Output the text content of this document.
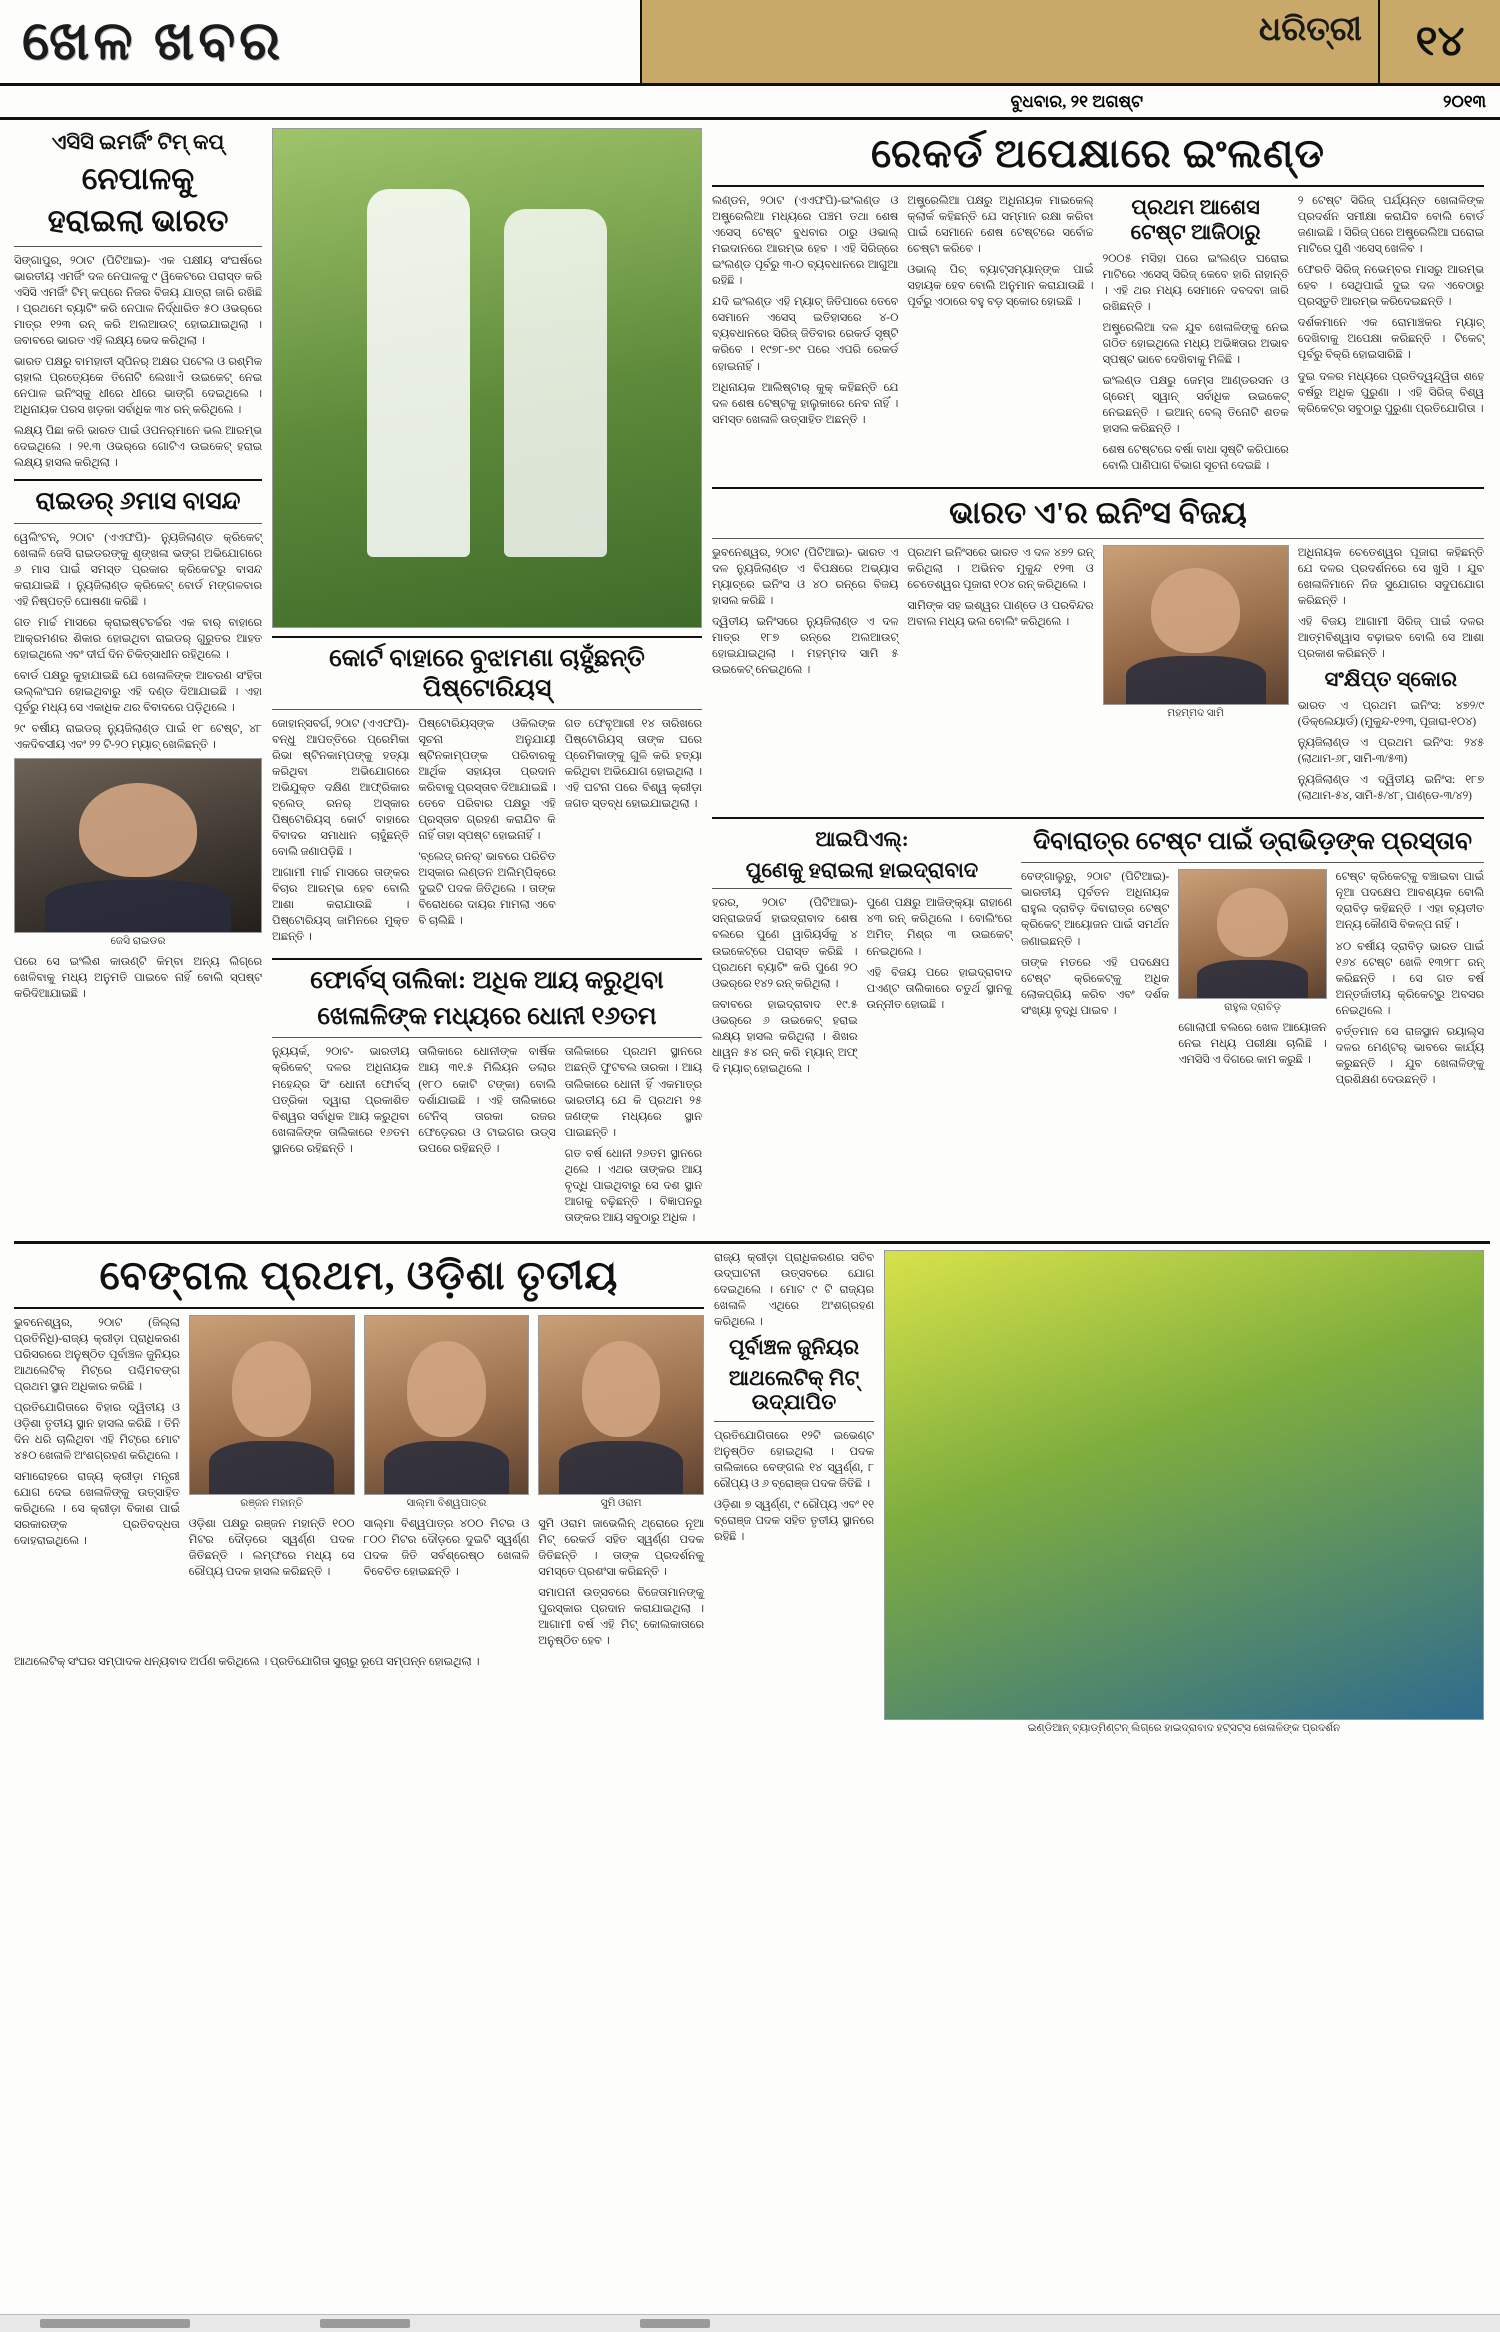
ଖେଳ ଖବର	ଧରିତ୍ରୀ	୧୪
ବୁଧବାର, ୨୧ ଅଗଷ୍ଟ	୨୦୧୩
ଏସିସି ଇମର୍ଜିଂ ଟିମ୍ କପ୍
ନେପାଳକୁ
ହରାଇଲା ଭାରତ

ସିଙ୍ଗାପୁର, ୨୦ାଟ (ପିଟିଆଇ)- ଏକ ପକ୍ଷୀୟ ସଂଘର୍ଷରେ ଭାରତୀୟ ଏମର୍ଜିଂ ଦଳ ନେପାଳକୁ ୯ ୱିକେଟରେ ପରାସ୍ତ କରି ଏସିସି ଏମର୍ଜିଂ ଟିମ୍ କପ୍‌ରେ ନିଜର ବିଜୟ ଯାତ୍ରା ଜାରି ରଖିଛି । ପ୍ରଥମେ ବ୍ୟାଟିଂ କରି ନେପାଳ ନିର୍ଦ୍ଧାରିତ ୫୦ ଓଭର୍‌ରେ ମାତ୍ର ୧୨୩ ରନ୍ କରି ଅଲଆଉଟ୍ ହୋଇଯାଇଥିଲା । ଜବାବରେ ଭାରତ ଏହି ଲକ୍ଷ୍ୟ ଭେଦ କରିଥିଲା ।

ଭାରତ ପକ୍ଷରୁ ବାମହାତୀ ସ୍ପିନର୍ ଅକ୍ଷର ପଟେଲ ଓ ରଶ୍ମିକ ଚାହାଲ ପ୍ରତ୍ୟେକେ ତିନୋଟି ଲେଖାଏଁ ଉଇକେଟ୍ ନେଇ ନେପାଳ ଇନିଂସ୍‌କୁ ଧୀରେ ଧୀରେ ଭାଙ୍ଗି ଦେଇଥିଲେ । ଅଧିନାୟକ ପରସ ଖଡ଼କା ସର୍ବାଧିକ ୩୪ ରନ୍ କରିଥିଲେ ।

ଲକ୍ଷ୍ୟ ପିଛା କରି ଭାରତ ପାଇଁ ଓପନର୍‌ମାନେ ଭଲ ଆରମ୍ଭ ଦେଇଥିଲେ । ୨୧.୩ ଓଭର୍‌ରେ ଗୋଟିଏ ଉଇକେଟ୍ ହରାଇ ଲକ୍ଷ୍ୟ ହାସଲ କରିଥିଲା ।

ରାଇଡର୍ ୬ମାସ ବାସନ୍ଦ

ୱେଲିଂଟନ୍, ୨୦ାଟ (ଏଏଫପି)- ନ୍ୟୁଜିଲାଣ୍ଡ କ୍ରିକେଟ୍ ଖେଳାଳି ଜେସି ରାଇଡରଙ୍କୁ ଶୃଙ୍ଖଳା ଭଙ୍ଗ ଅଭିଯୋଗରେ ୬ ମାସ ପାଇଁ ସମସ୍ତ ପ୍ରକାର କ୍ରିକେଟରୁ ବାସନ୍ଦ କରାଯାଇଛି । ନ୍ୟୁଜିଲାଣ୍ଡ କ୍ରିକେଟ୍ ବୋର୍ଡ ମଙ୍ଗଳବାର ଏହି ନିଷ୍ପତ୍ତି ଘୋଷଣା କରିଛି ।

ଗତ ମାର୍ଚ୍ଚ ମାସରେ କ୍ରାଇଷ୍ଟଚର୍ଚ୍ଚର ଏକ ବାର୍ ବାହାରେ ଆକ୍ରମଣର ଶିକାର ହୋଇଥିବା ରାଇଡର୍ ଗୁରୁତର ଆହତ ହୋଇଥିଲେ ଏବଂ ଦୀର୍ଘ ଦିନ ଚିକିତ୍ସାଧୀନ ରହିଥିଲେ ।

ବୋର୍ଡ ପକ୍ଷରୁ କୁହାଯାଇଛି ଯେ ଖେଳାଳିଙ୍କ ଆଚରଣ ସଂହିତା ଉଲ୍ଲଂଘନ ହୋଇଥିବାରୁ ଏହି ଦଣ୍ଡ ଦିଆଯାଇଛି । ଏହା ପୂର୍ବରୁ ମଧ୍ୟ ସେ ଏକାଧିକ ଥର ବିବାଦରେ ପଡ଼ିଥିଲେ ।

୨୯ ବର୍ଷୀୟ ରାଇଡର୍ ନ୍ୟୁଜିଲାଣ୍ଡ ପାଇଁ ୧୮ ଟେଷ୍ଟ, ୪୮ ଏକଦିବସୀୟ ଏବଂ ୨୨ ଟି-୨୦ ମ୍ୟାଚ୍ ଖେଳିଛନ୍ତି ।

ଜେସି ରାଇଡର

ପରେ ସେ ଇଂଲିଶ କାଉଣ୍ଟି କିମ୍ବା ଅନ୍ୟ ଲିଗ୍‌ରେ ଖେଳିବାକୁ ମଧ୍ୟ ଅନୁମତି ପାଇବେ ନାହିଁ ବୋଲି ସ୍ପଷ୍ଟ କରିଦିଆଯାଇଛି ।

କୋର୍ଟ ବାହାରେ ବୁଝାମଣା ଚାହୁଁଛନ୍ତି ପିଷ୍ଟୋରିୟସ୍

ଜୋହାନ୍ସବର୍ଗ, ୨୦ାଟ (ଏଏଫପି)- ବନ୍ଧୁ ଆପତ୍ତିରେ ପ୍ରେମିକା ରିଭା ଷ୍ଟିନକାମ୍ପଙ୍କୁ ହତ୍ୟା କରିଥିବା ଅଭିଯୋଗରେ ଅଭିଯୁକ୍ତ ଦକ୍ଷିଣ ଆଫ୍ରିକାର ବ୍ଲେଡ୍ ରନର୍ ଅସ୍କାର ପିଷ୍ଟୋରିୟସ୍ କୋର୍ଟ ବାହାରେ ବିବାଦର ସମାଧାନ ଚାହୁଁଛନ୍ତି ବୋଲି ଜଣାପଡ଼ିଛି ।

ଆଗାମୀ ମାର୍ଚ୍ଚ ମାସରେ ତାଙ୍କର ବିଚାର ଆରମ୍ଭ ହେବ ବୋଲି ଆଶା କରାଯାଉଛି । ପିଷ୍ଟୋରିୟସ୍ ଜାମିନରେ ମୁକ୍ତ ଅଛନ୍ତି ।

ପିଷ୍ଟୋରିୟସ୍ଙ୍କ ଓକିଲଙ୍କ ସୂଚନା ଅନୁଯାୟୀ ଷ୍ଟିନକାମ୍ପଙ୍କ ପରିବାରକୁ ଆର୍ଥିକ ସହାୟତା ପ୍ରଦାନ କରିବାକୁ ପ୍ରସ୍ତାବ ଦିଆଯାଇଛି । ତେବେ ପରିବାର ପକ୍ଷରୁ ଏହି ପ୍ରସ୍ତାବ ଗ୍ରହଣ କରାଯିବ କି ନାହିଁ ତାହା ସ୍ପଷ୍ଟ ହୋଇନାହିଁ ।

'ବ୍ଲେଡ୍ ରନର୍' ଭାବରେ ପରିଚିତ ଅସ୍କାର ଲଣ୍ଡନ ଅଲିମ୍ପିକ୍‌ରେ ଦୁଇଟି ପଦକ ଜିତିଥିଲେ । ତାଙ୍କ ବିରୋଧରେ ଦାୟର ମାମଲା ଏବେ ବି ଚାଲିଛି ।

ଗତ ଫେବୃଆରୀ ୧୪ ତାରିଖରେ ପିଷ୍ଟୋରିୟସ୍ ତାଙ୍କ ଘରେ ପ୍ରେମିକାଙ୍କୁ ଗୁଳି କରି ହତ୍ୟା କରିଥିବା ଅଭିଯୋଗ ହୋଇଥିଲା । ଏହି ଘଟନା ପରେ ବିଶ୍ୱ କ୍ରୀଡ଼ା ଜଗତ ସ୍ତବ୍ଧ ହୋଇଯାଇଥିଲା ।

ଫୋର୍ବସ୍ ତାଲିକା: ଅଧିକ ଆୟ କରୁଥିବା
ଖେଳାଳିଙ୍କ ମଧ୍ୟରେ ଧୋନୀ ୧୬ତମ

ନ୍ୟୁୟର୍କ, ୨୦ାଟ- ଭାରତୀୟ କ୍ରିକେଟ୍ ଦଳର ଅଧିନାୟକ ମହେନ୍ଦ୍ର ସିଂ ଧୋନୀ ଫୋର୍ବସ୍ ପତ୍ରିକା ଦ୍ୱାରା ପ୍ରକାଶିତ ବିଶ୍ୱର ସର୍ବାଧିକ ଆୟ କରୁଥିବା ଖେଳାଳିଙ୍କ ତାଲିକାରେ ୧୬ତମ ସ୍ଥାନରେ ରହିଛନ୍ତି ।

ତାଲିକାରେ ଧୋନୀଙ୍କ ବାର୍ଷିକ ଆୟ ୩୧.୫ ମିଲିୟନ ଡଲାର (୧୮୦ କୋଟି ଟଙ୍କା) ବୋଲି ଦର୍ଶାଯାଇଛି । ଏହି ତାଲିକାରେ ଟେନିସ୍ ତାରକା ରଜର ଫେଡ଼େରର ଓ ଟାଇଗର ଉଡ୍ସ ଉପରେ ରହିଛନ୍ତି ।

ତାଲିକାରେ ପ୍ରଥମ ସ୍ଥାନରେ ଅଛନ୍ତି ଫୁଟବଲ ତାରକା । ଆୟ ତାଲିକାରେ ଧୋନୀ ହିଁ ଏକମାତ୍ର ଭାରତୀୟ ଯେ କି ପ୍ରଥମ ୨୫ ଜଣଙ୍କ ମଧ୍ୟରେ ସ୍ଥାନ ପାଇଛନ୍ତି ।

ଗତ ବର୍ଷ ଧୋନୀ ୨୬ତମ ସ୍ଥାନରେ ଥିଲେ । ଏଥର ତାଙ୍କର ଆୟ ବୃଦ୍ଧି ପାଇଥିବାରୁ ସେ ଦଶ ସ୍ଥାନ ଆଗକୁ ବଢ଼ିଛନ୍ତି । ବିଜ୍ଞାପନରୁ ତାଙ୍କର ଆୟ ସବୁଠାରୁ ଅଧିକ ।

ରେକର୍ଡ ଅପେକ୍ଷାରେ ଇଂଲଣ୍ଡ

ଲଣ୍ଡନ, ୨୦ାଟ (ଏଏଫପି)-ଇଂଲଣ୍ଡ ଓ ଅଷ୍ଟ୍ରେଲିଆ ମଧ୍ୟରେ ପଞ୍ଚମ ତଥା ଶେଷ ଏସେସ୍ ଟେଷ୍ଟ ବୁଧବାର ଠାରୁ ଓଭାଲ୍ ମଇଦାନରେ ଆରମ୍ଭ ହେବ । ଏହି ସିରିଜ୍‌ରେ ଇଂଲଣ୍ଡ ପୂର୍ବରୁ ୩-୦ ବ୍ୟବଧାନରେ ଆଗୁଆ ରହିଛି ।

ଯଦି ଇଂଲଣ୍ଡ ଏହି ମ୍ୟାଚ୍ ଜିତିପାରେ ତେବେ ସେମାନେ ଏସେସ୍ ଇତିହାସରେ ୪-୦ ବ୍ୟବଧାନରେ ସିରିଜ୍ ଜିତିବାର ରେକର୍ଡ ସୃଷ୍ଟି କରିବେ । ୧୯୭୮-୭୯ ପରେ ଏପରି ରେକର୍ଡ ହୋଇନାହିଁ ।

ଅଧିନାୟକ ଆଲିଷ୍ଟାର୍ କୁକ୍ କହିଛନ୍ତି ଯେ ଦଳ ଶେଷ ଟେଷ୍ଟକୁ ହାଲୁକାରେ ନେବ ନାହିଁ । ସମସ୍ତ ଖେଳାଳି ଉତ୍ସାହିତ ଅଛନ୍ତି ।

ଅଷ୍ଟ୍ରେଲିଆ ପକ୍ଷରୁ ଅଧିନାୟକ ମାଇକେଲ୍ କ୍ଲାର୍କ କହିଛନ୍ତି ଯେ ସମ୍ମାନ ରକ୍ଷା କରିବା ପାଇଁ ସେମାନେ ଶେଷ ଟେଷ୍ଟରେ ସର୍ବୋଚ୍ଚ ଚେଷ୍ଟା କରିବେ ।

ଓଭାଲ୍ ପିଚ୍ ବ୍ୟାଟ୍‌ସମ୍ୟାନ୍‌ଙ୍କ ପାଇଁ ସହାୟକ ହେବ ବୋଲି ଅନୁମାନ କରାଯାଉଛି । ପୂର୍ବରୁ ଏଠାରେ ବହୁ ବଡ଼ ସ୍କୋର ହୋଇଛି ।

ପ୍ରଥମ ଆଶେସ ଟେଷ୍ଟ ଆଜିଠାରୁ

୨୦୦୫ ମସିହା ପରେ ଇଂଲଣ୍ଡ ଘରୋଇ ମାଟିରେ ଏସେସ୍ ସିରିଜ୍ କେବେ ହାରି ନାହାନ୍ତି । ଏହି ଥର ମଧ୍ୟ ସେମାନେ ଦବଦବା ଜାରି ରଖିଛନ୍ତି ।

ଅଷ୍ଟ୍ରେଲିଆ ଦଳ ଯୁବ ଖେଳାଳିଙ୍କୁ ନେଇ ଗଠିତ ହୋଇଥିଲେ ମଧ୍ୟ ଅଭିଜ୍ଞତାର ଅଭାବ ସ୍ପଷ୍ଟ ଭାବେ ଦେଖିବାକୁ ମିଳିଛି ।

ଇଂଲଣ୍ଡ ପକ୍ଷରୁ ଜେମ୍ସ ଆଣ୍ଡରସନ ଓ ଗ୍ରେମ୍ ସ୍ୱାନ୍ ସର୍ବାଧିକ ଉଇକେଟ୍ ନେଇଛନ୍ତି । ଇଆନ୍ ବେଲ୍ ତିନୋଟି ଶତକ ହାସଲ କରିଛନ୍ତି ।

ଶେଷ ଟେଷ୍ଟରେ ବର୍ଷା ବାଧା ସୃଷ୍ଟି କରିପାରେ ବୋଲି ପାଣିପାଗ ବିଭାଗ ସୂଚନା ଦେଇଛି ।

୨ ଟେଷ୍ଟ ସିରିଜ୍ ପର୍ଯ୍ୟନ୍ତ ଖେଳାଳିଙ୍କ ପ୍ରଦର୍ଶନ ସମୀକ୍ଷା କରାଯିବ ବୋଲି ବୋର୍ଡ ଜଣାଇଛି । ସିରିଜ୍ ପରେ ଅଷ୍ଟ୍ରେଲିଆ ଘରୋଇ ମାଟିରେ ପୁଣି ଏସେସ୍ ଖେଳିବ ।

ଫେରତି ସିରିଜ୍ ନଭେମ୍ବର ମାସରୁ ଆରମ୍ଭ ହେବ । ସେଥିପାଇଁ ଦୁଇ ଦଳ ଏବେଠାରୁ ପ୍ରସ୍ତୁତି ଆରମ୍ଭ କରିଦେଇଛନ୍ତି ।

ଦର୍ଶକମାନେ ଏକ ରୋମାଞ୍ଚକର ମ୍ୟାଚ୍ ଦେଖିବାକୁ ଅପେକ୍ଷା କରିଛନ୍ତି । ଟିକେଟ୍ ପୂର୍ବରୁ ବିକ୍ରି ହୋଇସାରିଛି ।

ଦୁଇ ଦଳର ମଧ୍ୟରେ ପ୍ରତିଦ୍ୱନ୍ଦ୍ୱିତା ଶହେ ବର୍ଷରୁ ଅଧିକ ପୁରୁଣା । ଏହି ସିରିଜ୍ ବିଶ୍ୱ କ୍ରିକେଟ୍‌ର ସବୁଠାରୁ ପୁରୁଣା ପ୍ରତିଯୋଗିତା ।

ଭାରତ ଏ'ର ଇନିଂସ ବିଜୟ

ଭୁବନେଶ୍ୱର, ୨୦ାଟ (ପିଟିଆଇ)- ଭାରତ ଏ ଦଳ ନ୍ୟୁଜିଲାଣ୍ଡ ଏ ବିପକ୍ଷରେ ଅଭ୍ୟାସ ମ୍ୟାଚ୍‌ରେ ଇନିଂସ ଓ ୪୦ ରନ୍‌ରେ ବିଜୟ ହାସଲ କରିଛି ।

ଦ୍ୱିତୀୟ ଇନିଂସରେ ନ୍ୟୁଜିଲାଣ୍ଡ ଏ ଦଳ ମାତ୍ର ୧୮୭ ରନ୍‌ରେ ଅଲଆଉଟ୍ ହୋଇଯାଇଥିଲା । ମହମ୍ମଦ ସାମି ୫ ଉଇକେଟ୍ ନେଇଥିଲେ ।

ପ୍ରଥମ ଇନିଂସରେ ଭାରତ ଏ ଦଳ ୪୭୨ ରନ୍ କରିଥିଲା । ଅଭିନବ ମୁକୁନ୍ଦ ୧୨୩ ଓ ଚେତେଶ୍ୱର ପୂଜାରା ୧୦୪ ରନ୍ କରିଥିଲେ ।

ସାମିଙ୍କ ସହ ଇଶ୍ୱର ପାଣ୍ଡେ ଓ ପରବିନ୍ଦର ଅବାଲ ମଧ୍ୟ ଭଲ ବୋଲିଂ କରିଥିଲେ ।

ମହମ୍ମଦ ସାମି

ଅଧିନାୟକ ଚେତେଶ୍ୱର ପୂଜାରା କହିଛନ୍ତି ଯେ ଦଳର ପ୍ରଦର୍ଶନରେ ସେ ଖୁସି । ଯୁବ ଖେଳାଳିମାନେ ନିଜ ସୁଯୋଗର ସଦୁପଯୋଗ କରିଛନ୍ତି ।

ଏହି ବିଜୟ ଆଗାମୀ ସିରିଜ୍ ପାଇଁ ଦଳର ଆତ୍ମବିଶ୍ୱାସ ବଢ଼ାଇବ ବୋଲି ସେ ଆଶା ପ୍ରକାଶ କରିଛନ୍ତି ।

ସଂକ୍ଷିପ୍ତ ସ୍କୋର

ଭାରତ ଏ ପ୍ରଥମ ଇନିଂସ: ୪୭୨/୯ (ଡିକ୍ଲେୟାର୍ଡ) (ମୁକୁନ୍ଦ-୧୨୩, ପୂଜାରା-୧୦୪)

ନ୍ୟୁଜିଲାଣ୍ଡ ଏ ପ୍ରଥମ ଇନିଂସ: ୨୪୫ (ଲାଥାମ-୬୮, ସାମି-୩/୫୩)

ନ୍ୟୁଜିଲାଣ୍ଡ ଏ ଦ୍ୱିତୀୟ ଇନିଂସ: ୧୮୭ (ଲାଥାମ-୫୪, ସାମି-୫/୪୮, ପାଣ୍ଡେ-୩/୪୨)

ଆଇପିଏଲ୍:
ପୁଣେକୁ ହରାଇଲା ହାଇଦ୍ରାବାଦ

ହରର, ୨୦ାଟ (ପିଟିଆଇ)-ସନ୍‌ରାଇଜର୍ସ ହାଇଦ୍ରାବାଦ ଶେଷ ବଲରେ ପୁଣେ ୱାରିୟର୍ସକୁ ୪ ଉଇକେଟ୍‌ରେ ପରାସ୍ତ କରିଛି । ପ୍ରଥମେ ବ୍ୟାଟିଂ କରି ପୁଣେ ୨୦ ଓଭର୍‌ରେ ୧୪୨ ରନ୍ କରିଥିଲା ।

ଜବାବରେ ହାଇଦ୍ରାବାଦ ୧୯.୫ ଓଭର୍‌ରେ ୬ ଉଇକେଟ୍ ହରାଇ ଲକ୍ଷ୍ୟ ହାସଲ କରିଥିଲା । ଶିଖର ଧାୱନ ୫୪ ରନ୍ କରି ମ୍ୟାନ୍ ଅଫ୍ ଦି ମ୍ୟାଚ୍ ହୋଇଥିଲେ ।

ପୁଣେ ପକ୍ଷରୁ ଆଜିଙ୍କ୍ୟା ରାହାଣେ ୪୩ ରନ୍ କରିଥିଲେ । ବୋଲିଂରେ ଅମିତ୍ ମିଶ୍ର ୩ ଉଇକେଟ୍ ନେଇଥିଲେ ।

ଏହି ବିଜୟ ପରେ ହାଇଦ୍ରାବାଦ ପଏଣ୍ଟ ତାଲିକାରେ ଚତୁର୍ଥ ସ୍ଥାନକୁ ଉନ୍ନୀତ ହୋଇଛି ।

ଦିବାରାତ୍ର ଟେଷ୍ଟ ପାଇଁ ଡ୍ରାଭିଡ଼ଙ୍କ ପ୍ରସ୍ତାବ

ବେଙ୍ଗାଲୁରୁ, ୨୦ାଟ (ପିଟିଆଇ)- ଭାରତୀୟ ପୂର୍ବତନ ଅଧିନାୟକ ରାହୁଲ ଦ୍ରାବିଡ଼ ଦିବାରାତ୍ର ଟେଷ୍ଟ କ୍ରିକେଟ୍ ଆୟୋଜନ ପାଇଁ ସମର୍ଥନ ଜଣାଇଛନ୍ତି ।

ତାଙ୍କ ମତରେ ଏହି ପଦକ୍ଷେପ ଟେଷ୍ଟ କ୍ରିକେଟ୍‌କୁ ଅଧିକ ଲୋକପ୍ରିୟ କରିବ ଏବଂ ଦର୍ଶକ ସଂଖ୍ୟା ବୃଦ୍ଧି ପାଇବ ।	ରାହୁଲ ଦ୍ରାବିଡ଼

ଗୋଲାପୀ ବଲରେ ଖେଳ ଆୟୋଜନ ନେଇ ମଧ୍ୟ ପରୀକ୍ଷା ଚାଲିଛି । ଏମସିସି ଏ ଦିଗରେ କାମ କରୁଛି ।

ଟେଷ୍ଟ କ୍ରିକେଟ୍‌କୁ ବଞ୍ଚାଇବା ପାଇଁ ନୂଆ ପଦକ୍ଷେପ ଆବଶ୍ୟକ ବୋଲି ଦ୍ରାବିଡ଼ କହିଛନ୍ତି । ଏହା ବ୍ୟତୀତ ଅନ୍ୟ କୌଣସି ବିକଳ୍ପ ନାହିଁ ।

୪୦ ବର୍ଷୀୟ ଦ୍ରାବିଡ଼ ଭାରତ ପାଇଁ ୧୬୪ ଟେଷ୍ଟ ଖେଳି ୧୩୨୮୮ ରନ୍ କରିଛନ୍ତି । ସେ ଗତ ବର୍ଷ ଅନ୍ତର୍ଜାତୀୟ କ୍ରିକେଟ୍‌ରୁ ଅବସର ନେଇଥିଲେ ।

ବର୍ତ୍ତମାନ ସେ ରାଜସ୍ଥାନ ରୟାଲ୍ସ ଦଳର ମେଣ୍ଟର୍ ଭାବରେ କାର୍ଯ୍ୟ କରୁଛନ୍ତି । ଯୁବ ଖେଳାଳିଙ୍କୁ ପ୍ରଶିକ୍ଷଣ ଦେଉଛନ୍ତି ।

ବେଙ୍ଗଲ ପ୍ରଥମ, ଓଡ଼ିଶା ତୃତୀୟ

ଭୁବନେଶ୍ୱର, ୨୦ାଟ (ଜିଲ୍ଲା ପ୍ରତିନିଧି)-ରାଜ୍ୟ କ୍ରୀଡ଼ା ପ୍ରାଧିକରଣ ପରିସରରେ ଅନୁଷ୍ଠିତ ପୂର୍ବାଞ୍ଚଳ ଜୁନିୟର ଆଥଲେଟିକ୍ ମିଟ୍‌ରେ ପଶ୍ଚିମବଙ୍ଗ ପ୍ରଥମ ସ୍ଥାନ ଅଧିକାର କରିଛି ।

ପ୍ରତିଯୋଗିତାରେ ବିହାର ଦ୍ୱିତୀୟ ଓ ଓଡ଼ିଶା ତୃତୀୟ ସ୍ଥାନ ହାସଲ କରିଛି । ତିନି ଦିନ ଧରି ଚାଲିଥିବା ଏହି ମିଟ୍‌ରେ ମୋଟ ୪୫୦ ଖେଳାଳି ଅଂଶଗ୍ରହଣ କରିଥିଲେ ।

ସମାରୋହରେ ରାଜ୍ୟ କ୍ରୀଡ଼ା ମନ୍ତ୍ରୀ ଯୋଗ ଦେଇ ଖେଳାଳିଙ୍କୁ ଉତ୍ସାହିତ କରିଥିଲେ । ସେ କ୍ରୀଡ଼ା ବିକାଶ ପାଇଁ ସରକାରଙ୍କ ପ୍ରତିବଦ୍ଧତା ଦୋହରାଇଥିଲେ ।

ରଞ୍ଜନ ମହାନ୍ତି

ଓଡ଼ିଶା ପକ୍ଷରୁ ରଞ୍ଜନ ମହାନ୍ତି ୧୦୦ ମିଟର ଦୌଡ଼ରେ ସ୍ୱର୍ଣ୍ଣ ପଦକ ଜିତିଛନ୍ତି । ଲମ୍ଫରେ ମଧ୍ୟ ସେ ରୌପ୍ୟ ପଦକ ହାସଲ କରିଛନ୍ତି ।

ସାଲ୍‌ମା ବିଶ୍ୱପାତ୍ର

ସାଲ୍‌ମା ବିଶ୍ୱପାତ୍ର ୪୦୦ ମିଟର ଓ ୮୦୦ ମିଟର ଦୌଡ଼ରେ ଦୁଇଟି ସ୍ୱର୍ଣ୍ଣ ପଦକ ଜିତି ସର୍ବଶ୍ରେଷ୍ଠ ଖେଳାଳି ବିବେଚିତ ହୋଇଛନ୍ତି ।

ସୁମି ଓରାମ

ସୁମି ଓରାମ ଜାଭେଲିନ୍ ଥ୍ରୋରେ ନୂଆ ମିଟ୍ ରେକର୍ଡ ସହିତ ସ୍ୱର୍ଣ୍ଣ ପଦକ ଜିତିଛନ୍ତି । ତାଙ୍କ ପ୍ରଦର୍ଶନକୁ ସମସ୍ତେ ପ୍ରଶଂସା କରିଛନ୍ତି ।

ସମାପନୀ ଉତ୍ସବରେ ବିଜେତାମାନଙ୍କୁ ପୁରସ୍କାର ପ୍ରଦାନ କରାଯାଇଥିଲା । ଆଗାମୀ ବର୍ଷ ଏହି ମିଟ୍ କୋଲକାତାରେ ଅନୁଷ୍ଠିତ ହେବ ।

ଆଥଲେଟିକ୍ ସଂଘର ସମ୍ପାଦକ ଧନ୍ୟବାଦ ଅର୍ପଣ କରିଥିଲେ । ପ୍ରତିଯୋଗିତା ସୁଚାରୁ ରୂପେ ସମ୍ପନ୍ନ ହୋଇଥିଲା ।

ରାଜ୍ୟ କ୍ରୀଡ଼ା ପ୍ରାଧିକରଣର ସଚିବ ଉଦ୍‌ଘାଟନୀ ଉତ୍ସବରେ ଯୋଗ ଦେଇଥିଲେ । ମୋଟ ୯ ଟି ରାଜ୍ୟର ଖେଳାଳି ଏଥିରେ ଅଂଶଗ୍ରହଣ କରିଥିଲେ ।

ପୂର୍ବାଞ୍ଚଳ ଜୁନିୟର
ଆଥଲେଟିକ୍ ମିଟ୍ ଉଦ୍‌ଯାପିତ

ପ୍ରତିଯୋଗିତାରେ ୧୨ଟି ଇଭେଣ୍ଟ ଅନୁଷ୍ଠିତ ହୋଇଥିଲା । ପଦକ ତାଲିକାରେ ବେଙ୍ଗଲ ୧୪ ସ୍ୱର୍ଣ୍ଣ, ୮ ରୌପ୍ୟ ଓ ୬ ବ୍ରୋଞ୍ଜ ପଦକ ଜିତିଛି ।

ଓଡ଼ିଶା ୭ ସ୍ୱର୍ଣ୍ଣ, ୯ ରୌପ୍ୟ ଏବଂ ୧୧ ବ୍ରୋଞ୍ଜ ପଦକ ସହିତ ତୃତୀୟ ସ୍ଥାନରେ ରହିଛି ।

ଇଣ୍ଡିଆନ୍ ବ୍ୟାଡ୍‌ମିଣ୍ଟନ୍ ଲିଗ୍‌ରେ ହାଇଦ୍ରାବାଦ ହଟ୍‌ସଟ୍ସ ଖେଳାଳିଙ୍କ ପ୍ରଦର୍ଶନ
